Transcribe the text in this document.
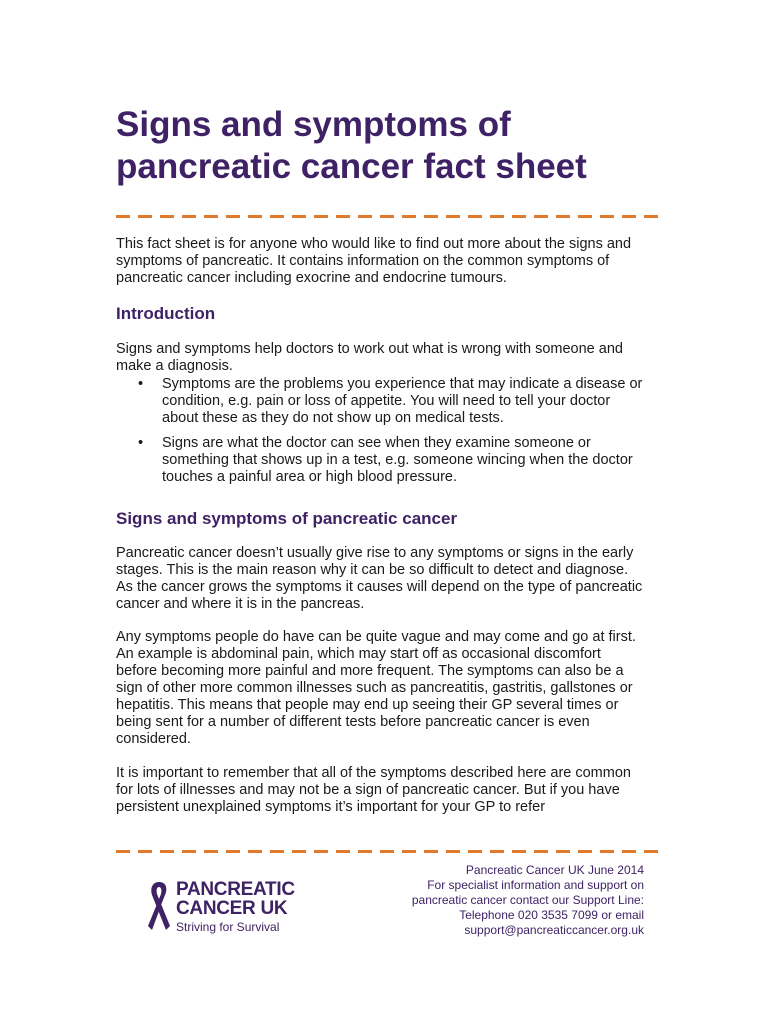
Signs and symptoms of
pancreatic cancer fact sheet

This fact sheet is for anyone who would like to find out more about the signs and symptoms of pancreatic. It contains information on the common symptoms of pancreatic cancer including exocrine and endocrine tumours.

Introduction

Signs and symptoms help doctors to work out what is wrong with someone and make a diagnosis.

• Symptoms are the problems you experience that may indicate a disease or condition, e.g. pain or loss of appetite. You will need to tell your doctor about these as they do not show up on medical tests.
• Signs are what the doctor can see when they examine someone or something that shows up in a test, e.g. someone wincing when the doctor touches a painful area or high blood pressure.
Signs and symptoms of pancreatic cancer

Pancreatic cancer doesn’t usually give rise to any symptoms or signs in the early stages. This is the main reason why it can be so difficult to detect and diagnose. As the cancer grows the symptoms it causes will depend on the type of pancreatic cancer and where it is in the pancreas.

Any symptoms people do have can be quite vague and may come and go at first. An example is abdominal pain, which may start off as occasional discomfort before becoming more painful and more frequent. The symptoms can also be a sign of other more common illnesses such as pancreatitis, gastritis, gallstones or hepatitis. This means that people may end up seeing their GP several times or being sent for a number of different tests before pancreatic cancer is even considered.

It is important to remember that all of the symptoms described here are common for lots of illnesses and may not be a sign of pancreatic cancer. But if you have persistent unexplained symptoms it’s important for your GP to refer

PANCREATIC
CANCER UK
Striving for Survival
Pancreatic Cancer UK June 2014
For specialist information and support on
pancreatic cancer contact our Support Line:
Telephone 020 3535 7099 or email
support@pancreaticcancer.org.uk
